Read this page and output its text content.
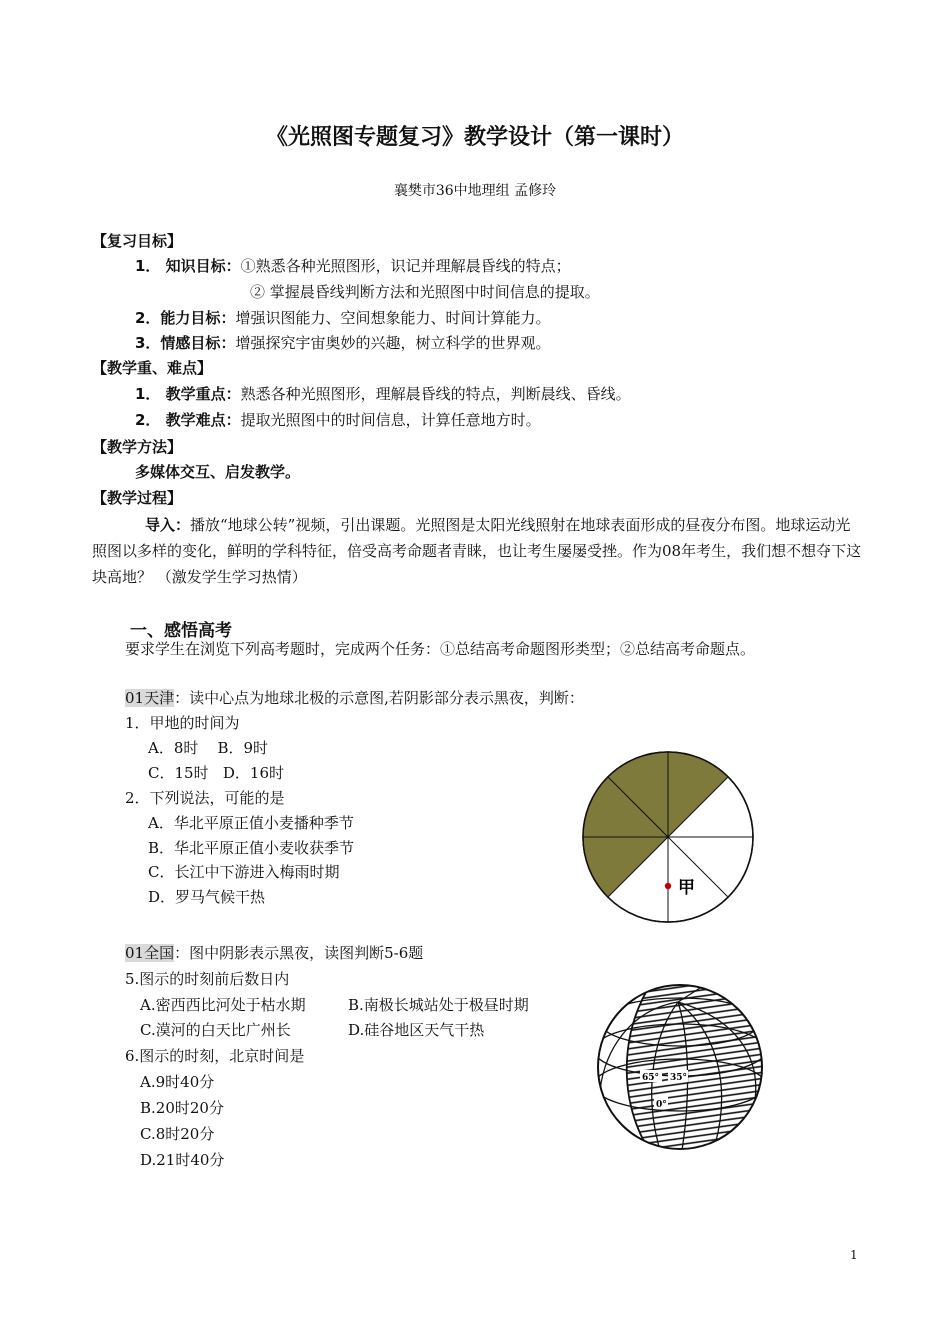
《光照图专题复习》教学设计（第一课时）
襄樊市36中地理组 孟修玲
【复习目标】
1． 知识目标：①熟悉各种光照图形，识记并理解晨昏线的特点；
② 掌握晨昏线判断方法和光照图中时间信息的提取。
2．能力目标：增强识图能力、空间想象能力、时间计算能力。
3．情感目标：增强探究宇宙奥妙的兴趣，树立科学的世界观。
【教学重、难点】
1． 教学重点：熟悉各种光照图形，理解晨昏线的特点，判断晨线、昏线。
2． 教学难点：提取光照图中的时间信息，计算任意地方时。
【教学方法】
多媒体交互、启发教学。
【教学过程】
导入：播放“地球公转”视频，引出课题。光照图是太阳光线照射在地球表面形成的昼夜分布图。地球运动光照图以多样的变化，鲜明的学科特征，倍受高考命题者青睐，也让考生屡屡受挫。作为08年考生，我们想不想夺下这块高地？ （激发学生学习热情）
一、感悟高考
要求学生在浏览下列高考题时，完成两个任务：①总结高考命题图形类型；②总结高考命题点。
01天津：读中心点为地球北极的示意图,若阴影部分表示黑夜，判断：
1．甲地的时间为
A．8时    B．9时
C．15时   D．16时
2．下列说法，可能的是
A．华北平原正值小麦播种季节
B．华北平原正值小麦收获季节
C．长江中下游进入梅雨时期
D．罗马气候干热	甲
01全国：图中阴影表示黑夜，读图判断5-6题
5.图示的时刻前后数日内
A.密西西比河处于枯水期	B.南极长城站处于极昼时期
C.漠河的白天比广州长	D.硅谷地区天气干热
6.图示的时刻，北京时间是
A.9时40分
B.20时20分
C.8时20分
D.21时40分
65° 35°
0°
1
